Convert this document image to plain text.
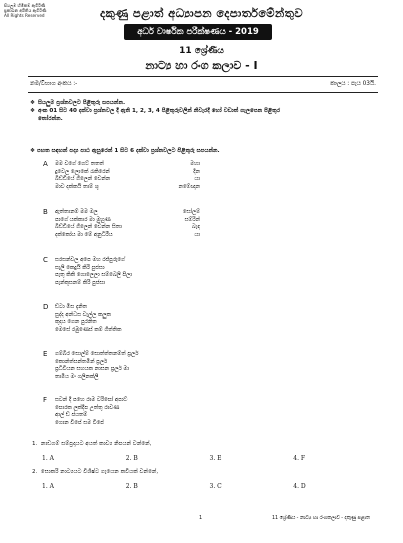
සියලුම හිමිකම් ඇවිරිණි
ප්‍රකාශන අයිතිය ඇවිරිණි
All Rights Reserved	දකුණු පළාත් අධ්‍යාපන දෙපාර්තමේන්තුව
අර්ධ වාර්ෂික පරීක්ෂණය - 2019
11 ශ්‍රේණිය
නාට්‍ය හා රංග කලාව - I
නම/විභාග අංකය :-	කාලය : පැය 03යි.
❖ සියලුම ප්‍රශ්නවලට පිළිතුරු සපයන්න.
❖ අංක 01 සිට 40 දක්වා ප්‍රශ්නවල දී ඇති 1, 2, 3, 4 පිළිතුරුවලින් නිවැරදි හෝ වඩාත් ගැලපෙන පිළිතුර
තෝරන්න.
❖ පහත සඳහන් පද්‍ය පාඨ ඇසුරෙන් 1 සිට 6 දක්වා ප්‍රශ්නවලට පිළිතුරු සපයන්න.
A මම වගේ ගෙට් තතත්	මහා
දුවෙල ලොකේ රැකිරෙන්	දීන
බිඩ්ඩියේ ගිලෙන් වෙන්න	යා
මාව දක්කයි තාම් ශු	නමේඥාන
B ඇත්තානම් මම මල	සෝලම්
පාගේ යක්කාර මා මුහුණ	සම්රින්
බිඩ්ඩියේ ගිලෙන් වෙන්න සිතා	බැඳ
දක්කෝය මා මේ අනුධිරීය	යා
C සරසන්වල අපෙ මහ රජ්පුරුගේ
සැලි කෙදුයි කිරි පුජසා
පැතු කිකි ගොලෙලා සම්බෙලි පිලා
පැන්කුසනම් කිරි පුජසා
D ඩ්ටා මිස දැනිත
සුද්ද අන්ධස වැල්ල කලුක
කුදය ගෙන පුරනිත
මෙසේ රඹුණෙස් කම් ගිත්තික
E ගම්බිර සොල්ම් සොත්ත්තනම්ත් ප්‍රලර්
කොන්ත්සන්තමින් ප්‍රලර්
ප්‍රධිවියන සහයක නාසන ප්‍රලර් මා
තාමිය මං ගලිනක්ලී
F සවන් දී පහෙ රාම වරිපෝ අපාට්
පොරක ලක්දීප උත්තු රාවණ
ආල් ඩ් ජයතම්
ගොන විපේ සම විපේ
1. නාඩගම් සම්ප්‍රදායට අයත් කාව්‍ය නිපයන් වන්නේ,
1. A	2. B	3. E	4. F
2. සොකරි නාට්‍යයට විශිෂ්ට ගැයෙන කවියක් වන්නේ,
1. A	2. B	3. C	4. D
1	11 ශ්‍රේණිය - නාට්‍ය හා රංගකලාව - දකුණු පළාත
